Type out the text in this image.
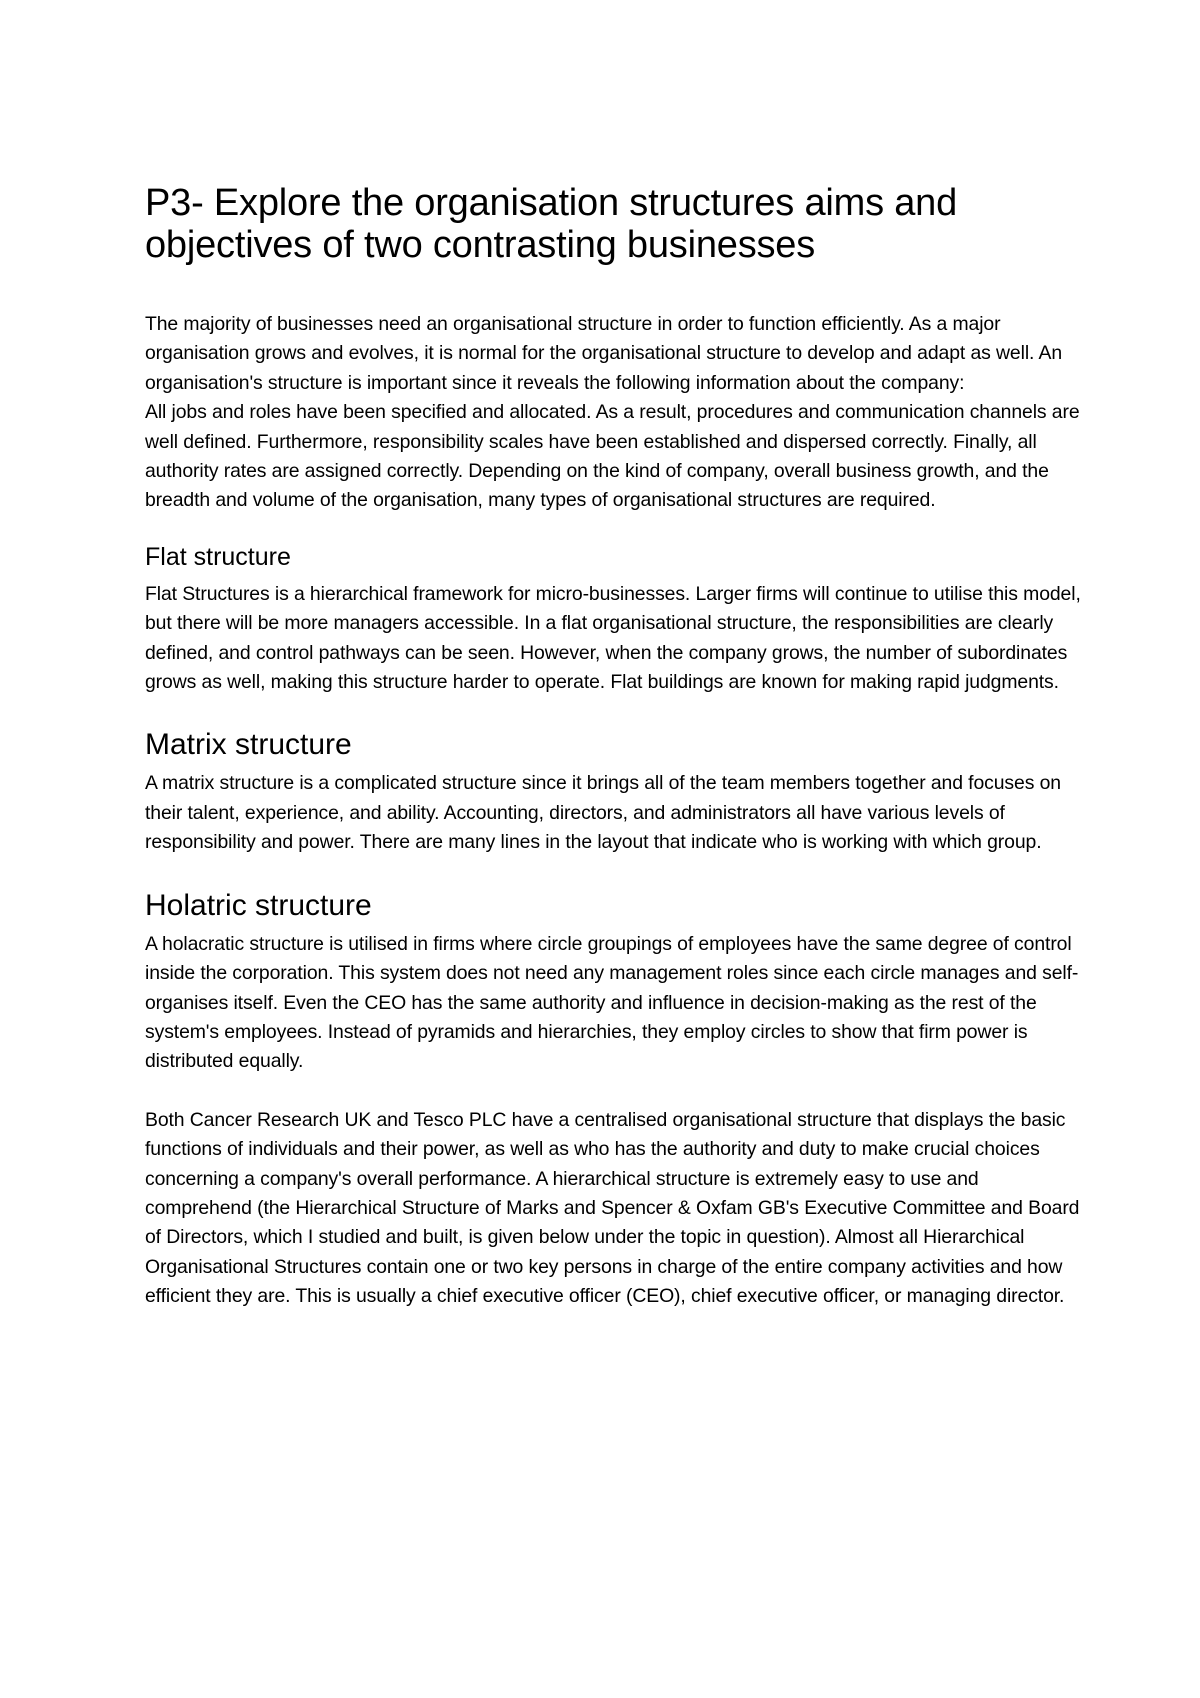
P3- Explore the organisation structures aims and objectives of two contrasting businesses

The majority of businesses need an organisational structure in order to function efficiently. As a major organisation grows and evolves, it is normal for the organisational structure to develop and adapt as well. An organisation's structure is important since it reveals the following information about the company:

All jobs and roles have been specified and allocated. As a result, procedures and communication channels are well defined. Furthermore, responsibility scales have been established and dispersed correctly. Finally, all authority rates are assigned correctly. Depending on the kind of company, overall business growth, and the breadth and volume of the organisation, many types of organisational structures are required.

Flat structure

Flat Structures is a hierarchical framework for micro-businesses. Larger firms will continue to utilise this model, but there will be more managers accessible. In a flat organisational structure, the responsibilities are clearly defined, and control pathways can be seen. However, when the company grows, the number of subordinates grows as well, making this structure harder to operate. Flat buildings are known for making rapid judgments.

Matrix structure

A matrix structure is a complicated structure since it brings all of the team members together and focuses on their talent, experience, and ability. Accounting, directors, and administrators all have various levels of responsibility and power. There are many lines in the layout that indicate who is working with which group.

Holatric structure

A holacratic structure is utilised in firms where circle groupings of employees have the same degree of control inside the corporation. This system does not need any management roles since each circle manages and self-organises itself. Even the CEO has the same authority and influence in decision-making as the rest of the system's employees. Instead of pyramids and hierarchies, they employ circles to show that firm power is distributed equally.

Both Cancer Research UK and Tesco PLC have a centralised organisational structure that displays the basic functions of individuals and their power, as well as who has the authority and duty to make crucial choices concerning a company's overall performance. A hierarchical structure is extremely easy to use and comprehend (the Hierarchical Structure of Marks and Spencer & Oxfam GB's Executive Committee and Board of Directors, which I studied and built, is given below under the topic in question). Almost all Hierarchical Organisational Structures contain one or two key persons in charge of the entire company activities and how efficient they are. This is usually a chief executive officer (CEO), chief executive officer, or managing director.
